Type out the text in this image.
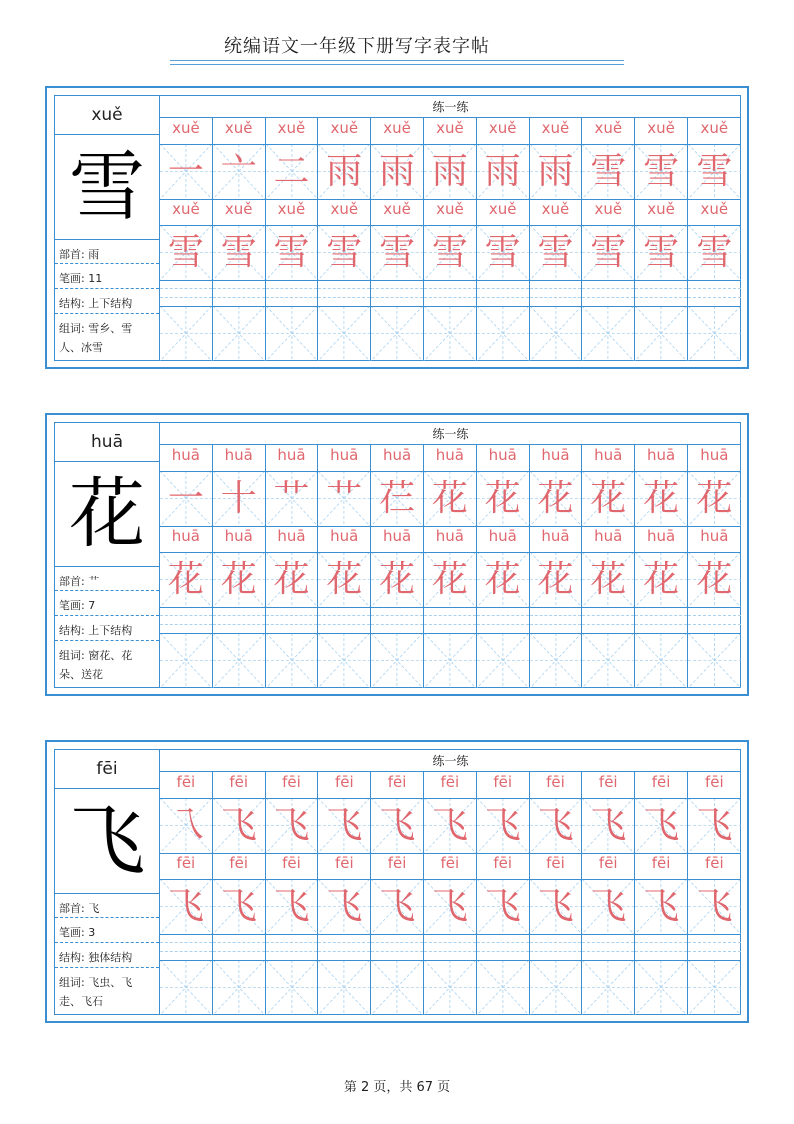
统编语文一年级下册写字表字帖
xuě
雪
部首: ⾬
笔画: 11
结构: 上下结构
组词: 雪乡、雪
人、冰雪
练一练
xuě	xuě	xuě	xuě	xuě	xuě	xuě	xuě	xuě	xuě	xuě
⼀ ⼇ ⼆ ⾬ 雨 雨 雨 雨 雪 雪 雪
xuě	xuě	xuě	xuě	xuě	xuě	xuě	xuě	xuě	xuě	xuě
雪 雪 雪 雪 雪 雪 雪 雪 雪 雪 雪
huā
花
部首: 艹
笔画: 7
结构: 上下结构
组词: 窗花、花
朵、送花
练一练
huā	huā	huā	huā	huā	huā	huā	huā	huā	huā	huā
一 十 艹 艹 芢 花 花 花 花 花 花
huā	huā	huā	huā	huā	huā	huā	huā	huā	huā	huā
花 花 花 花 花 花 花 花 花 花 花
fēi
飞
部首: 飞
笔画: 3
结构: 独体结构
组词: 飞虫、飞
走、飞石
练一练
fēi	fēi	fēi	fēi	fēi	fēi	fēi	fēi	fēi	fēi	fēi
乁 飞 飞 飞 飞 飞 飞 飞 飞 飞 飞
fēi	fēi	fēi	fēi	fēi	fēi	fēi	fēi	fēi	fēi	fēi
飞 飞 飞 飞 飞 飞 飞 飞 飞 飞 飞
第 2 页，共 67 页
